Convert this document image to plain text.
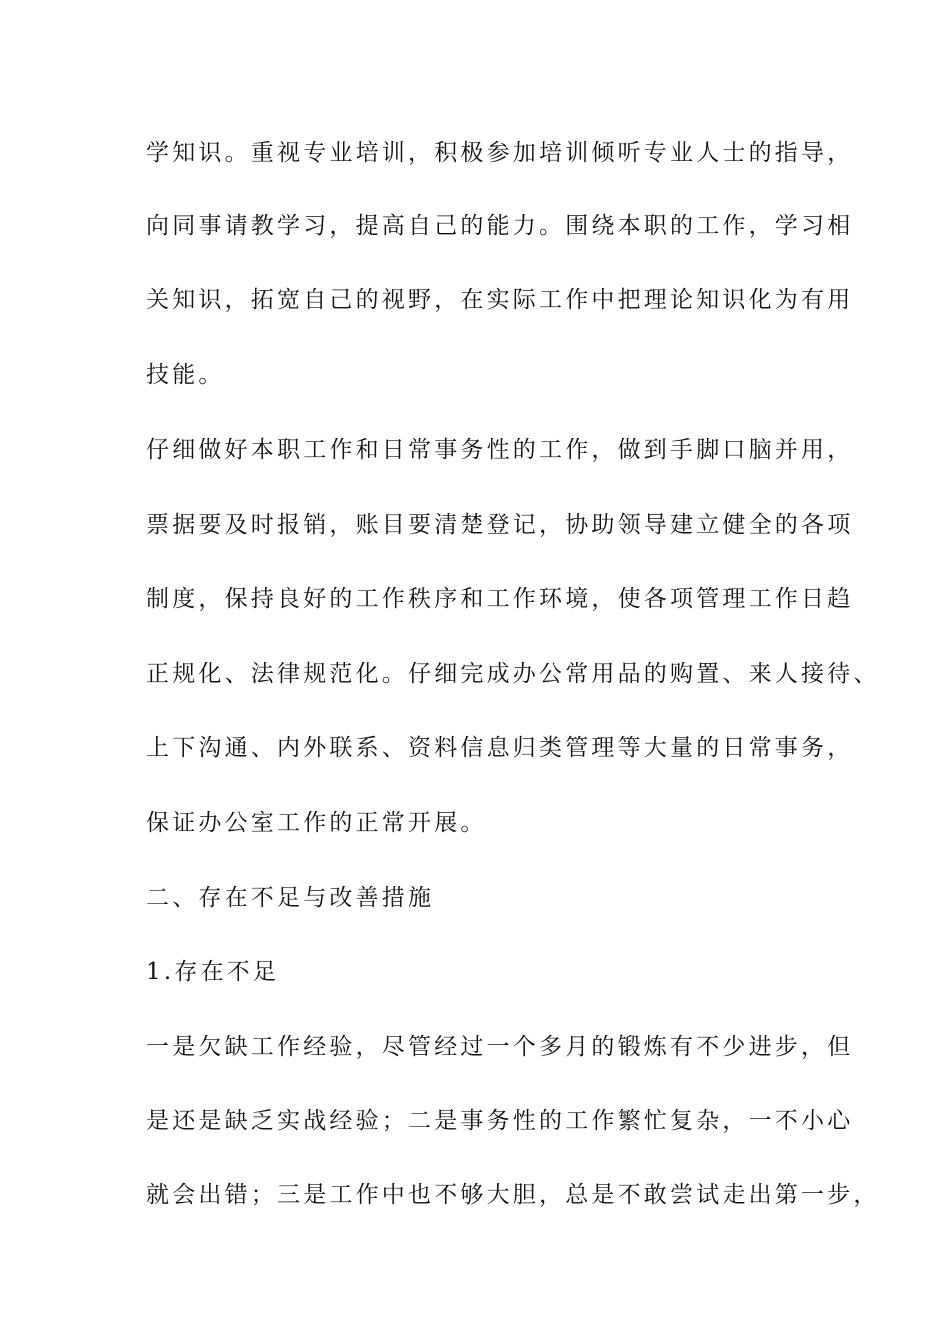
学知识。重视专业培训，积极参加培训倾听专业人士的指导，
向同事请教学习，提高自己的能力。围绕本职的工作，学习相
关知识，拓宽自己的视野，在实际工作中把理论知识化为有用
技能。
仔细做好本职工作和日常事务性的工作，做到手脚口脑并用，
票据要及时报销，账目要清楚登记，协助领导建立健全的各项
制度，保持良好的工作秩序和工作环境，使各项管理工作日趋
正规化、法律规范化。仔细完成办公常用品的购置、来人接待、
上下沟通、内外联系、资料信息归类管理等大量的日常事务，
保证办公室工作的正常开展。
二、存在不足与改善措施
1.存在不足
一是欠缺工作经验，尽管经过一个多月的锻炼有不少进步，但
是还是缺乏实战经验；二是事务性的工作繁忙复杂，一不小心
就会出错；三是工作中也不够大胆，总是不敢尝试走出第一步，
